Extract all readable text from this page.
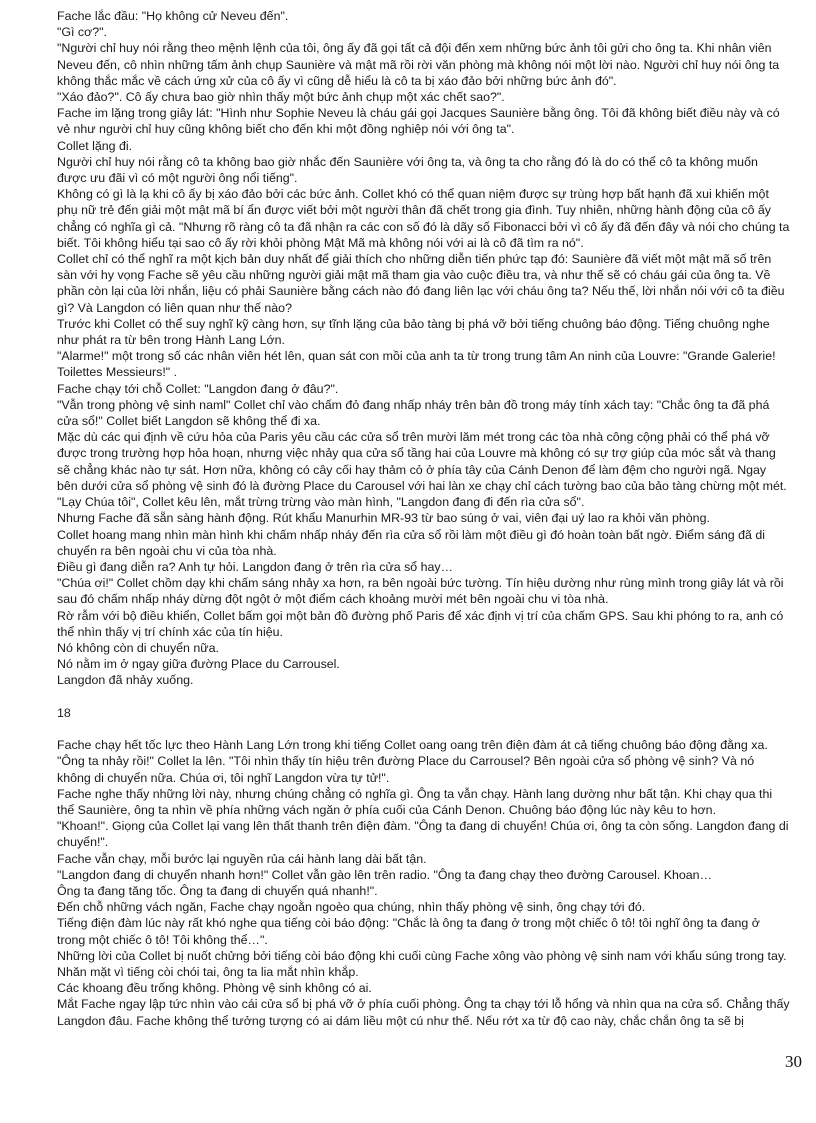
Fache lắc đầu: "Họ không cử Neveu đến".

"Gì cơ?".

"Người chỉ huy nói rằng theo mệnh lệnh của tôi, ông ấy đã gọi tất cả đội đến xem những bức ảnh tôi gửi cho ông ta. Khi nhân viên Neveu đến, cô nhìn những tấm ảnh chụp Saunière và mật mã rồi rời văn phòng mà không nói một lời nào. Người chỉ huy nói ông ta không thắc mắc về cách ứng xử của cô ấy vì cũng dễ hiểu là cô ta bị xáo đảo bởi những bức ảnh đó".

"Xáo đảo?". Cô ấy chưa bao giờ nhìn thấy một bức ảnh chụp một xác chết sao?".

Fache im lặng trong giây lát: "Hình như Sophie Neveu là cháu gái gọi Jacques Saunière bằng ông. Tôi đã không biết điều này và có vẻ như người chỉ huy cũng không biết cho đến khi một đồng nghiệp nói với ông ta".

Collet lặng đi.

Người chỉ huy nói rằng cô ta không bao giờ nhắc đến Saunière với ông ta, và ông ta cho rằng đó là do có thể cô ta không muốn được ưu đãi vì có một người ông nổi tiếng".

Không có gì là lạ khi cô ấy bị xáo đảo bởi các bức ảnh. Collet khó có thể quan niệm được sự trùng hợp bất hạnh đã xui khiến một phụ nữ trẻ đến giải một mật mã bí ẩn được viết bởi một người thân đã chết trong gia đình. Tuy nhiên, những hành động của cô ấy chẳng có nghĩa gì cả. "Nhưng rõ ràng cô ta đã nhận ra các con số đó là dãy số Fibonacci bởi vì cô ấy đã đến đây và nói cho chúng ta biết. Tôi không hiểu tại sao cô ấy rời khỏi phòng Mật Mã mà không nói với ai là cô đã tìm ra nó".

Collet chỉ có thể nghĩ ra một kịch bản duy nhất để giải thích cho những diễn tiến phức tạp đó: Saunière đã viết một mật mã số trên sàn với hy vọng Fache sẽ yêu cầu những người giải mật mã tham gia vào cuộc điều tra, và như thế sẽ có cháu gái của ông ta. Về phần còn lại của lời nhắn, liệu có phải Saunière bằng cách nào đó đang liên lạc với cháu ông ta? Nếu thế, lời nhắn nói với cô ta điều gì? Và Langdon có liên quan như thế nào?

Trước khi Collet có thể suy nghĩ kỹ càng hơn, sự tĩnh lặng của bảo tàng bị phá vỡ bởi tiếng chuông báo động. Tiếng chuông nghe như phát ra từ bên trong Hành Lang Lớn.

"Alarme!" một trong số các nhân viên hét lên, quan sát con mồi của anh ta từ trong trung tâm An ninh của Louvre: "Grande Galerie! Toilettes Messieurs!" .

Fache chạy tới chỗ Collet: "Langdon đang ở đâu?".

"Vẫn trong phòng vệ sinh naml" Collet chỉ vào chấm đỏ đang nhấp nháy trên bản đồ trong máy tính xách tay: "Chắc ông ta đã phá cửa sổ!" Collet biết Langdon sẽ không thể đi xa.

Mặc dù các qui định về cứu hỏa của Paris yêu cầu các cửa sổ trên mười lăm mét trong các tòa nhà công cộng phải có thể phá vỡ được trong trường hợp hỏa hoạn, nhưng việc nhảy qua cửa sổ tầng hai của Louvre mà không có sự trợ giúp của móc sắt và thang sẽ chẳng khác nào tự sát. Hơn nữa, không có cây cối hay thảm cỏ ở phía tây của Cánh Denon để làm đệm cho người ngã. Ngay bên dưới cửa sổ phòng vệ sinh đó là đường Place du Carousel với hai làn xe chạy chỉ cách tường bao của bảo tàng chừng một mét. "Lạy Chúa tôi", Collet kêu lên, mắt trừng trừng vào màn hình, "Langdon đang đi đến rìa cửa sổ".

Nhưng Fache đã sẵn sàng hành động. Rút khẩu Manurhin MR-93 từ bao súng ở vai, viên đại uý lao ra khỏi văn phòng.

Collet hoang mang nhìn màn hình khi chấm nhấp nháy đến rìa cửa sổ rồi làm một điều gì đó hoàn toàn bất ngờ. Điểm sáng đã di chuyển ra bên ngoài chu vi của tòa nhà.

Điều gì đang diễn ra? Anh tự hỏi. Langdon đang ở trên rìa cửa sổ hay…

"Chúa ơi!" Collet chồm dạy khi chấm sáng nhảy xa hơn, ra bên ngoài bức tường. Tín hiệu dường như rùng mình trong giây lát và rồi sau đó chấm nhấp nháy dừng đột ngột ở một điểm cách khoảng mười mét bên ngoài chu vi tòa nhà.

Rờ rẫm với bộ điều khiển, Collet bấm gọi một bản đồ đường phố Paris để xác định vị trí của chấm GPS. Sau khi phóng to ra, anh có thể nhìn thấy vị trí chính xác của tín hiệu.

Nó không còn di chuyển nữa.

Nó nằm im ở ngay giữa đường Place du Carrousel.

Langdon đã nhảy xuống.

18

Fache chạy hết tốc lực theo Hành Lang Lớn trong khi tiếng Collet oang oang trên điện đàm át cả tiếng chuông báo động đằng xa.

"Ông ta nhảy rồi!" Collet la lên. "Tôi nhìn thấy tín hiệu trên đường Place du Carrousel? Bên ngoài cửa sổ phòng vệ sinh? Và nó không di chuyển nữa. Chúa ơi, tôi nghĩ Langdon vừa tự tử!".

Fache nghe thấy những lời này, nhưng chúng chẳng có nghĩa gì. Ông ta vẫn chạy. Hành lang dường như bất tận. Khi chạy qua thi thể Saunière, ông ta nhìn về phía những vách ngăn ở phía cuối của Cánh Denon. Chuông báo động lúc này kêu to hơn.

"Khoan!". Giọng của Collet lại vang lên thất thanh trên điện đàm. "Ông ta đang di chuyển! Chúa ơi, ông ta còn sống. Langdon đang di chuyển!".

Fache vẫn chạy, mỗi bước lại nguyền rủa cái hành lang dài bất tận.

"Langdon đang di chuyển nhanh hơn!" Collet vẫn gào lên trên radio. "Ông ta đang chạy theo đường Carousel. Khoan…

Ông ta đang tăng tốc. Ông ta đang di chuyển quá nhanh!".

Đến chỗ những vách ngăn, Fache chạy ngoằn ngoèo qua chúng, nhìn thấy phòng vệ sinh, ông chạy tới đó.

Tiếng điện đàm lúc này rất khó nghe qua tiếng còi báo động: "Chắc là ông ta đang ở trong một chiếc ô tô! tôi nghĩ ông ta đang ở trong một chiếc ô tô! Tôi không thể…".

Những lời của Collet bị nuốt chửng bởi tiếng còi báo động khi cuối cùng Fache xông vào phòng vệ sinh nam với khẩu súng trong tay. Nhăn mặt vì tiếng còi chói tai, ông ta lia mắt nhìn khắp.

Các khoang đều trống không. Phòng vệ sinh không có ai.

Mắt Fache ngay lập tức nhìn vào cái cửa sổ bị phá vỡ ở phía cuối phòng. Ông ta chạy tới lỗ hổng và nhìn qua na cửa sổ. Chẳng thấy Langdon đâu. Fache không thể tưởng tượng có ai dám liều một cú như thế. Nếu rớt xa từ độ cao này, chắc chắn ông ta sẽ bị

30
